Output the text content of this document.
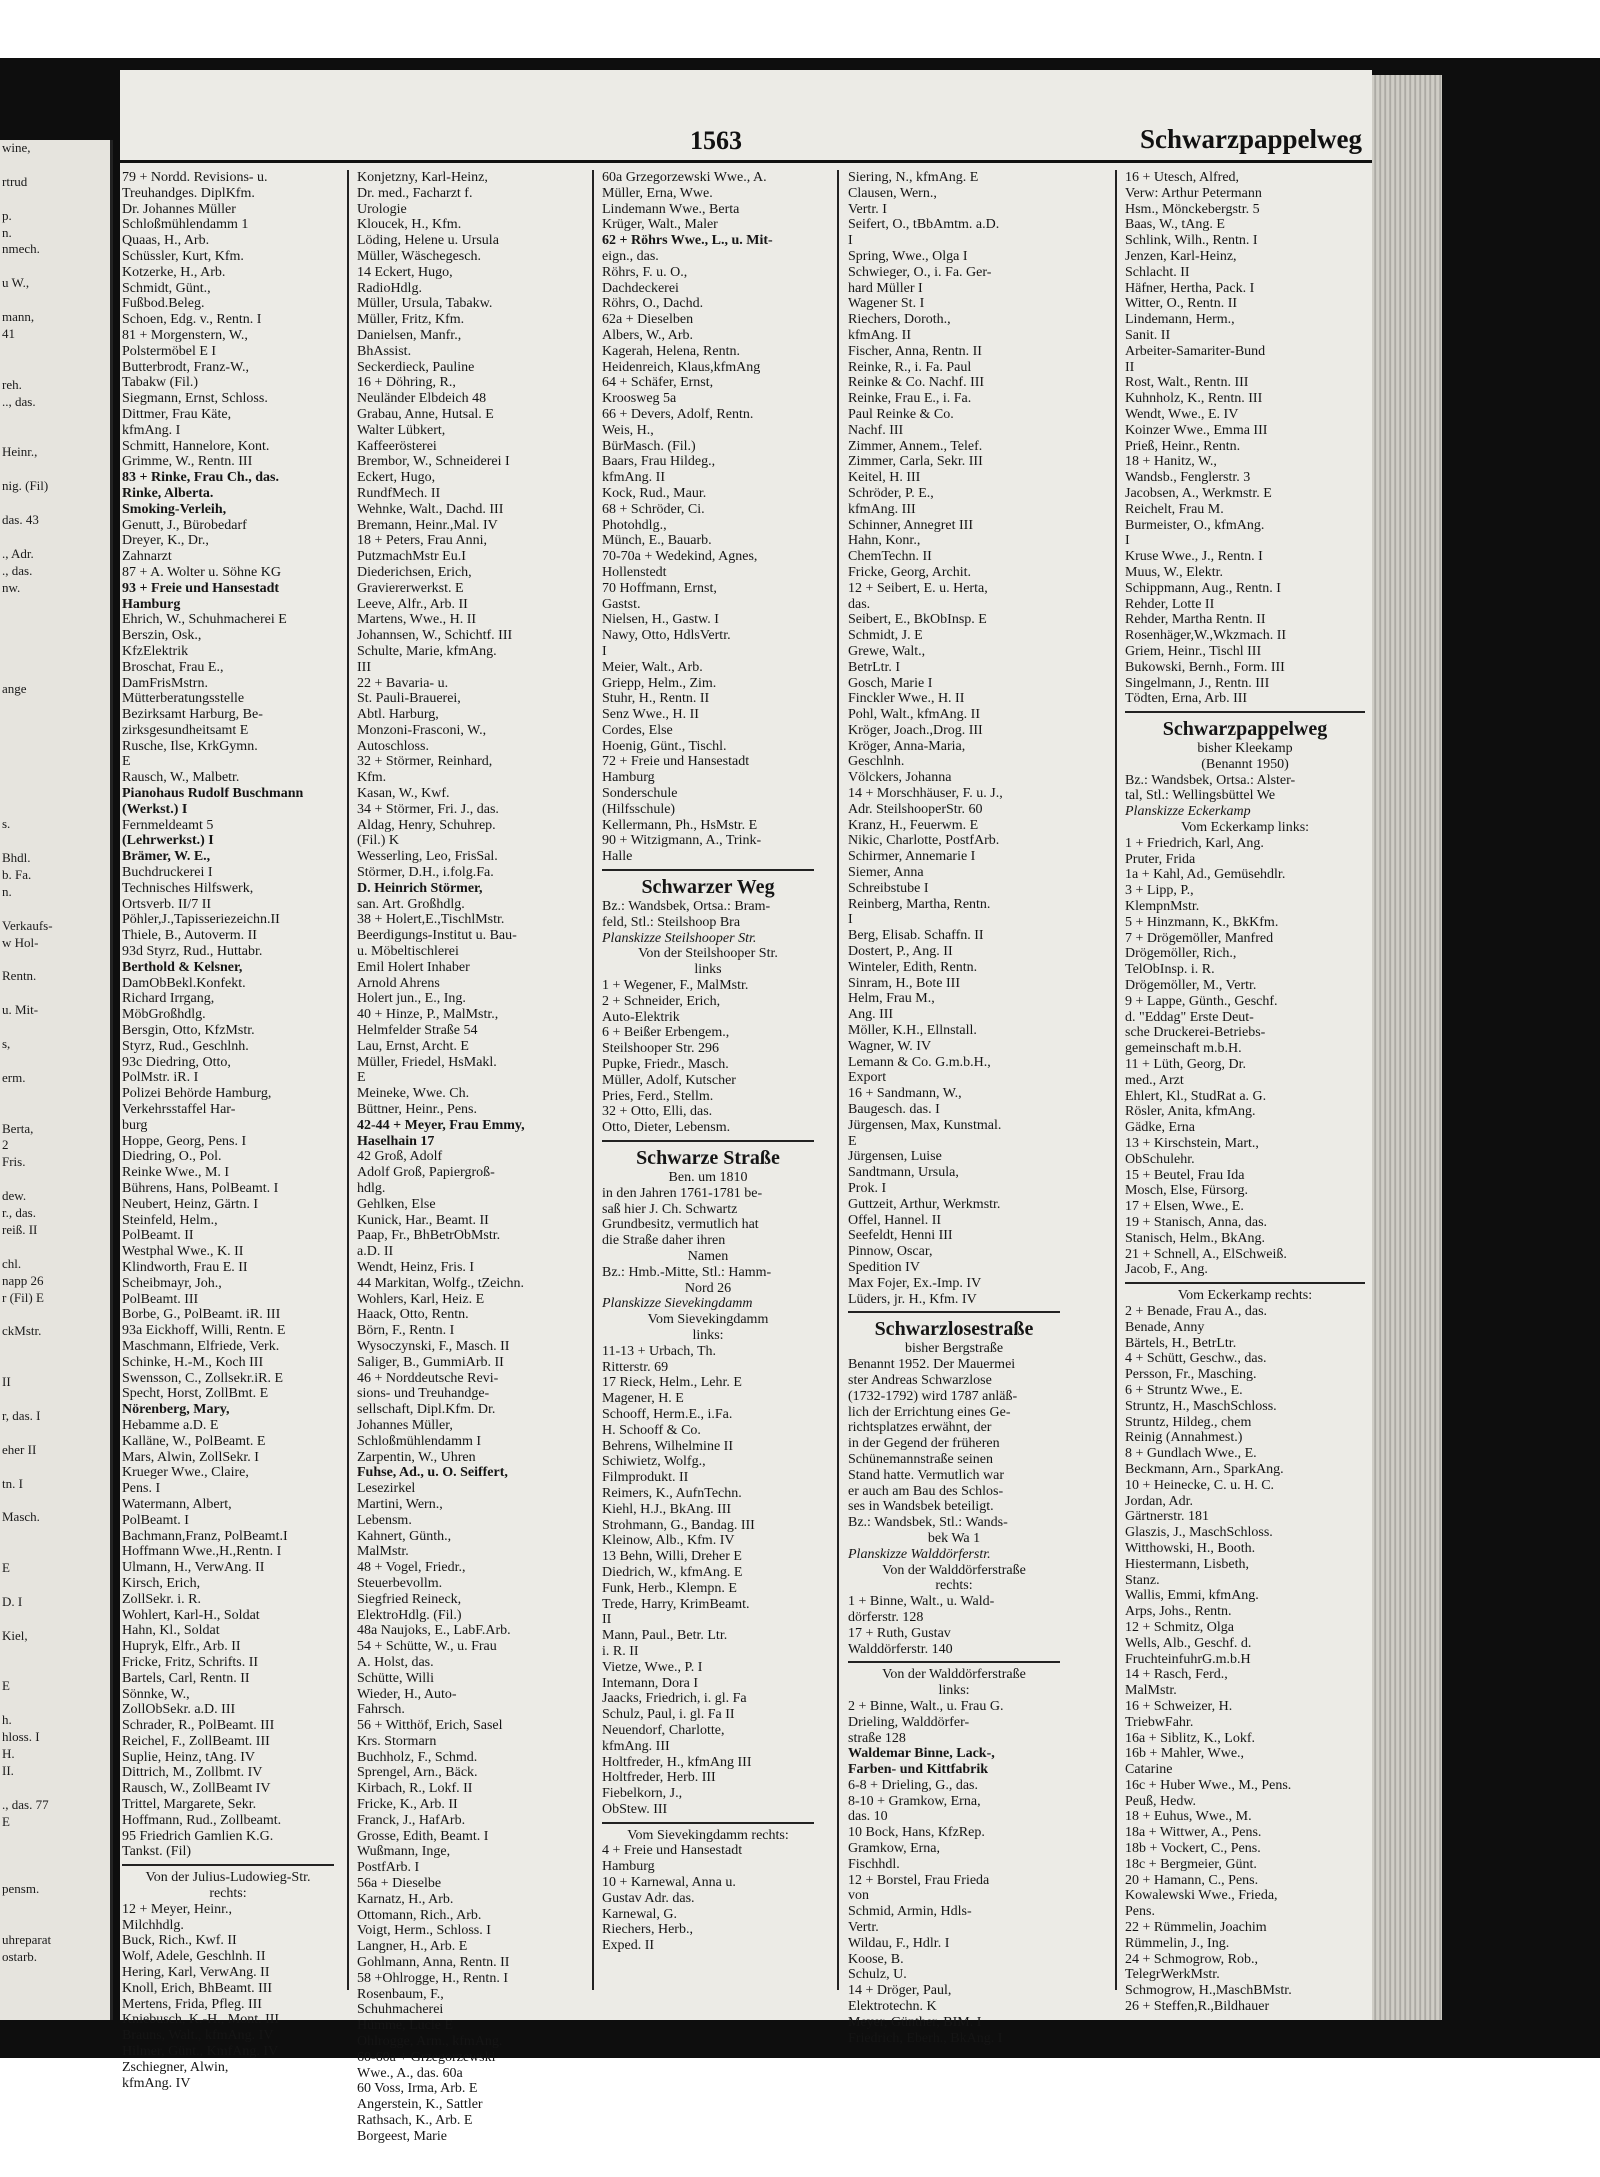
wine,

rtrud

p.
n.
nmech.

u W.,

mann,
41

reh.
.., das.

Heinr.,

nig. (Fil)

das. 43

., Adr.
., das.
nw.

ange

s.

Bhdl.
b. Fa.
n.

Verkaufs-
w Hol-

Rentn.

u. Mit-

s,

erm.

Berta,
2
Fris.

dew.
r., das.
reiß. II

chl.
napp 26
r (Fil) E

ckMstr.

II

r, das. I

eher II

tn. I

Masch.

E

D. I

Kiel,

E

h.
hloss. I
H.
II.

., das. 77
E

pensm.

uhreparat
ostarb.
1563	Schwarzpappelweg
79 + Nordd. Revisions- u.
Treuhandges. DiplKfm.
Dr. Johannes Müller
Schloßmühlendamm 1
Quaas, H., Arb.
Schüssler, Kurt, Kfm.
Kotzerke, H., Arb.
Schmidt, Günt.,
Fußbod.Beleg.
Schoen, Edg. v., Rentn. I
81 + Morgenstern, W.,
Polstermöbel E I
Butterbrodt, Franz-W.,
Tabakw (Fil.)
Siegmann, Ernst, Schloss.
Dittmer, Frau Käte,
kfmAng. I
Schmitt, Hannelore, Kont.
Grimme, W., Rentn. III
83 + Rinke, Frau Ch., das.
Rinke, Alberta.
Smoking-Verleih,
Genutt, J., Bürobedarf
Dreyer, K., Dr.,
Zahnarzt
87 + A. Wolter u. Söhne KG
93 + Freie und Hansestadt
Hamburg
Ehrich, W., Schuhmacherei E
Berszin, Osk.,
KfzElektrik
Broschat, Frau E.,
DamFrisMstrn.
Mütterberatungsstelle
Bezirksamt Harburg, Be-
zirksgesundheitsamt E
Rusche, Ilse, KrkGymn.
E
Rausch, W., Malbetr.
Pianohaus Rudolf Buschmann
(Werkst.) I
Fernmeldeamt 5
(Lehrwerkst.) I
Brämer, W. E.,
Buchdruckerei I
Technisches Hilfswerk,
Ortsverb. II/7 II
Pöhler,J.,Tapisseriezeichn.II
Thiele, B., Autoverm. II
93d Styrz, Rud., Huttabr.
Berthold & Kelsner,
DamObBekl.Konfekt.
Richard Irrgang,
MöbGroßhdlg.
Bersgin, Otto, KfzMstr.
Styrz, Rud., Geschlnh.
93c Diedring, Otto,
PolMstr. iR. I
Polizei Behörde Hamburg,
Verkehrsstaffel Har-
burg
Hoppe, Georg, Pens. I
Diedring, O., Pol.
Reinke Wwe., M. I
Bührens, Hans, PolBeamt. I
Neubert, Heinz, Gärtn. I
Steinfeld, Helm.,
PolBeamt. II
Westphal Wwe., K. II
Klindworth, Frau E. II
Scheibmayr, Joh.,
PolBeamt. III
Borbe, G., PolBeamt. iR. III
93a Eickhoff, Willi, Rentn. E
Maschmann, Elfriede, Verk.
Schinke, H.-M., Koch III
Swensson, C., Zollsekr.iR. E
Specht, Horst, ZollBmt. E
Nörenberg, Mary,
Hebamme a.D. E
Kalläne, W., PolBeamt. E
Mars, Alwin, ZollSekr. I
Krueger Wwe., Claire,
Pens. I
Watermann, Albert,
PolBeamt. I
Bachmann,Franz, PolBeamt.I
Hoffmann Wwe.,H.,Rentn. I
Ulmann, H., VerwAng. II
Kirsch, Erich,
ZollSekr. i. R.
Wohlert, Karl-H., Soldat
Hahn, Kl., Soldat
Hupryk, Elfr., Arb. II
Fricke, Fritz, Schrifts. II
Bartels, Carl, Rentn. II
Sönnke, W.,
ZollObSekr. a.D. III
Schrader, R., PolBeamt. III
Reichel, F., ZollBeamt. III
Suplie, Heinz, tAng. IV
Dittrich, M., Zollbmt. IV
Rausch, W., ZollBeamt IV
Trittel, Margarete, Sekr.
Hoffmann, Rud., Zollbeamt.
95 Friedrich Gamlien K.G.
Tankst. (Fil)
Von der Julius-Ludowieg-Str.
rechts:
12 + Meyer, Heinr.,
Milchhdlg.
Buck, Rich., Kwf. II
Wolf, Adele, Geschlnh. II
Hering, Karl, VerwAng. II
Knoll, Erich, BhBeamt. III
Mertens, Frida, Pfleg. III
Kniebusch, K.-H., Mont. III
Brauns, Walt., kfmAng. IV
Hilmer, Günt., KmfAng. IV
Zschiegner, Alwin,
kfmAng. IV
Konjetzny, Karl-Heinz,
Dr. med., Facharzt f.
Urologie
Kloucek, H., Kfm.
Löding, Helene u. Ursula
Müller, Wäschegesch.
14 Eckert, Hugo,
RadioHdlg.
Müller, Ursula, Tabakw.
Müller, Fritz, Kfm.
Danielsen, Manfr.,
BhAssist.
Seckerdieck, Pauline
16 + Döhring, R.,
Neuländer Elbdeich 48
Grabau, Anne, Hutsal. E
Walter Lübkert,
Kaffeerösterei
Brembor, W., Schneiderei I
Eckert, Hugo,
RundfMech. II
Wehnke, Walt., Dachd. III
Bremann, Heinr.,Mal. IV
18 + Peters, Frau Anni,
PutzmachMstr Eu.I
Diederichsen, Erich,
Graviererwerkst. E
Leeve, Alfr., Arb. II
Martens, Wwe., H. II
Johannsen, W., Schichtf. III
Schulte, Marie, kfmAng.
III
22 + Bavaria- u.
St. Pauli-Brauerei,
Abtl. Harburg,
Monzoni-Frasconi, W.,
Autoschloss.
32 + Störmer, Reinhard,
Kfm.
Kasan, W., Kwf.
34 + Störmer, Fri. J., das.
Aldag, Henry, Schuhrep.
(Fil.) K
Wesserling, Leo, FrisSal.
Störmer, D.H., i.folg.Fa.
D. Heinrich Störmer,
san. Art. Großhdlg.
38 + Holert,E.,TischlMstr.
Beerdigungs-Institut u. Bau-
u. Möbeltischlerei
Emil Holert Inhaber
Arnold Ahrens
Holert jun., E., Ing.
40 + Hinze, P., MalMstr.,
Helmfelder Straße 54
Lau, Ernst, Archt. E
Müller, Friedel, HsMakl.
E
Meineke, Wwe. Ch.
Büttner, Heinr., Pens.
42-44 + Meyer, Frau Emmy,
Haselhain 17
42 Groß, Adolf
Adolf Groß, Papiergroß-
hdlg.
Gehlken, Else
Kunick, Har., Beamt. II
Paap, Fr., BhBetrObMstr.
a.D. II
Wendt, Heinz, Fris. I
44 Markitan, Wolfg., tZeichn.
Wohlers, Karl, Heiz. E
Haack, Otto, Rentn.
Börn, F., Rentn. I
Wysoczynski, F., Masch. II
Saliger, B., GummiArb. II
46 + Norddeutsche Revi-
sions- und Treuhandge-
sellschaft, Dipl.Kfm. Dr.
Johannes Müller,
Schloßmühlendamm I
Zarpentin, W., Uhren
Fuhse, Ad., u. O. Seiffert,
Lesezirkel
Martini, Wern.,
Lebensm.
Kahnert, Günth.,
MalMstr.
48 + Vogel, Friedr.,
Steuerbevollm.
Siegfried Reineck,
ElektroHdlg. (Fil.)
48a Naujoks, E., LabF.Arb.
54 + Schütte, W., u. Frau
A. Holst, das.
Schütte, Willi
Wieder, H., Auto-
Fahrsch.
56 + Witthöf, Erich, Sasel
Krs. Stormarn
Buchholz, F., Schmd.
Sprengel, Arn., Bäck.
Kirbach, R., Lokf. II
Fricke, K., Arb. II
Franck, J., HafArb.
Grosse, Edith, Beamt. I
Wußmann, Inge,
PostfArb. I
56a + Dieselbe
Karnatz, H., Arb.
Ottomann, Rich., Arb.
Voigt, Herm., Schloss. I
Langner, H., Arb. E
Gohlmann, Anna, Rentn. II
58 +Ohlrogge, H., Rentn. I
Rosenbaum, F.,
Schuhmacherei
Hümme, Lucie E
Ohlrogge, Arm., kfmAng.
60-60a + Grzegorzewski
Wwe., A., das. 60a
60 Voss, Irma, Arb. E
Angerstein, K., Sattler
Rathsach, K., Arb. E
Borgeest, Marie
60a Grzegorzewski Wwe., A.
Müller, Erna, Wwe.
Lindemann Wwe., Berta
Krüger, Walt., Maler
62 + Röhrs Wwe., L., u. Mit-
eign., das.
Röhrs, F. u. O.,
Dachdeckerei
Röhrs, O., Dachd.
62a + Dieselben
Albers, W., Arb.
Kagerah, Helena, Rentn.
Heidenreich, Klaus,kfmAng
64 + Schäfer, Ernst,
Kroosweg 5a
66 + Devers, Adolf, Rentn.
Weis, H.,
BürMasch. (Fil.)
Baars, Frau Hildeg.,
kfmAng. II
Kock, Rud., Maur.
68 + Schröder, Ci.
Photohdlg.,
Münch, E., Bauarb.
70-70a + Wedekind, Agnes,
Hollenstedt
70 Hoffmann, Ernst,
Gastst.
Nielsen, H., Gastw. I
Nawy, Otto, HdlsVertr.
I
Meier, Walt., Arb.
Griepp, Helm., Zim.
Stuhr, H., Rentn. II
Senz Wwe., H. II
Cordes, Else
Hoenig, Günt., Tischl.
72 + Freie und Hansestadt
Hamburg
Sonderschule
(Hilfsschule)
Kellermann, Ph., HsMstr. E
90 + Witzigmann, A., Trink-
Halle
Schwarzer Weg
Bz.: Wandsbek, Ortsa.: Bram-
feld, Stl.: Steilshoop Bra
Planskizze Steilshooper Str.
Von der Steilshooper Str.
links
1 + Wegener, F., MalMstr.
2 + Schneider, Erich,
Auto-Elektrik
6 + Beißer Erbengem.,
Steilshooper Str. 296
Pupke, Friedr., Masch.
Müller, Adolf, Kutscher
Pries, Ferd., Stellm.
32 + Otto, Elli, das.
Otto, Dieter, Lebensm.
Schwarze Straße
Ben. um 1810
in den Jahren 1761-1781 be-
saß hier J. Ch. Schwartz
Grundbesitz, vermutlich hat
die Straße daher ihren
Namen
Bz.: Hmb.-Mitte, Stl.: Hamm-
Nord 26
Planskizze Sievekingdamm
Vom Sievekingdamm
links:
11-13 + Urbach, Th.
Ritterstr. 69
17 Rieck, Helm., Lehr. E
Magener, H. E
Schooff, Herm.E., i.Fa.
H. Schooff & Co.
Behrens, Wilhelmine II
Schiwietz, Wolfg.,
Filmprodukt. II
Reimers, K., AufnTechn.
Kiehl, H.J., BkAng. III
Strohmann, G., Bandag. III
Kleinow, Alb., Kfm. IV
13 Behn, Willi, Dreher E
Diedrich, W., kfmAng. E
Funk, Herb., Klempn. E
Trede, Harry, KrimBeamt.
II
Mann, Paul., Betr. Ltr.
i. R. II
Vietze, Wwe., P. I
Intemann, Dora I
Jaacks, Friedrich, i. gl. Fa
Schulz, Paul, i. gl. Fa II
Neuendorf, Charlotte,
kfmAng. III
Holtfreder, H., kfmAng III
Holtfreder, Herb. III
Fiebelkorn, J.,
ObStew. III
Vom Sievekingdamm rechts:
4 + Freie und Hansestadt
Hamburg
10 + Karnewal, Anna u.
Gustav Adr. das.
Karnewal, G.
Riechers, Herb.,
Exped. II
Siering, N., kfmAng. E
Clausen, Wern.,
Vertr. I
Seifert, O., tBbAmtm. a.D.
I
Spring, Wwe., Olga I
Schwieger, O., i. Fa. Ger-
hard Müller I
Wagener St. I
Riechers, Doroth.,
kfmAng. II
Fischer, Anna, Rentn. II
Reinke, R., i. Fa. Paul
Reinke & Co. Nachf. III
Reinke, Frau E., i. Fa.
Paul Reinke & Co.
Nachf. III
Zimmer, Annem., Telef.
Zimmer, Carla, Sekr. III
Keitel, H. III
Schröder, P. E.,
kfmAng. III
Schinner, Annegret III
Hahn, Konr.,
ChemTechn. II
Fricke, Georg, Archit.
12 + Seibert, E. u. Herta,
das.
Seibert, E., BkObInsp. E
Schmidt, J. E
Grewe, Walt.,
BetrLtr. I
Gosch, Marie I
Finckler Wwe., H. II
Pohl, Walt., kfmAng. II
Kröger, Joach.,Drog. III
Kröger, Anna-Maria,
Geschlnh.
Völckers, Johanna
14 + Morschhäuser, F. u. J.,
Adr. SteilshooperStr. 60
Kranz, H., Feuerwm. E
Nikic, Charlotte, PostfArb.
Schirmer, Annemarie I
Siemer, Anna
Schreibstube I
Reinberg, Martha, Rentn.
I
Berg, Elisab. Schaffn. II
Dostert, P., Ang. II
Winteler, Edith, Rentn.
Sinram, H., Bote III
Helm, Frau M.,
Ang. III
Möller, K.H., Ellnstall.
Wagner, W. IV
Lemann & Co. G.m.b.H.,
Export
16 + Sandmann, W.,
Baugesch. das. I
Jürgensen, Max, Kunstmal.
E
Jürgensen, Luise
Sandtmann, Ursula,
Prok. I
Guttzeit, Arthur, Werkmstr.
Offel, Hannel. II
Seefeldt, Henni III
Pinnow, Oscar,
Spedition IV
Max Fojer, Ex.-Imp. IV
Lüders, jr. H., Kfm. IV
Schwarzlosestraße
bisher Bergstraße
Benannt 1952. Der Mauermei
ster Andreas Schwarzlose
(1732-1792) wird 1787 anläß-
lich der Errichtung eines Ge-
richtsplatzes erwähnt, der
in der Gegend der früheren
Schünemannstraße seinen
Stand hatte. Vermutlich war
er auch am Bau des Schlos-
ses in Wandsbek beteiligt.
Bz.: Wandsbek, Stl.: Wands-
bek Wa 1
Planskizze Walddörferstr.
Von der Walddörferstraße
rechts:
1 + Binne, Walt., u. Wald-
dörferstr. 128
17 + Ruth, Gustav
Walddörferstr. 140
Von der Walddörferstraße
links:
2 + Binne, Walt., u. Frau G.
Drieling, Walddörfer-
straße 128
Waldemar Binne, Lack-,
Farben- und Kittfabrik
6-8 + Drieling, G., das.
8-10 + Gramkow, Erna,
das. 10
10 Bock, Hans, KfzRep.
Gramkow, Erna,
Fischhdl.
12 + Borstel, Frau Frieda
von
Schmid, Armin, Hdls-
Vertr.
Wildau, F., Hdlr. I
Koose, B.
Schulz, U.
14 + Dröger, Paul,
Elektrotechn. K
Meyer, Günther, BIM. I
Friedrich, Eberh., BkAng. I
16 + Utesch, Alfred,
Verw: Arthur Petermann
Hsm., Mönckebergstr. 5
Baas, W., tAng. E
Schlink, Wilh., Rentn. I
Jenzen, Karl-Heinz,
Schlacht. II
Häfner, Hertha, Pack. I
Witter, O., Rentn. II
Lindemann, Herm.,
Sanit. II
Arbeiter-Samariter-Bund
II
Rost, Walt., Rentn. III
Kuhnholz, K., Rentn. III
Wendt, Wwe., E. IV
Koinzer Wwe., Emma III
Prieß, Heinr., Rentn.
18 + Hanitz, W.,
Wandsb., Fenglerstr. 3
Jacobsen, A., Werkmstr. E
Reichelt, Frau M.
Burmeister, O., kfmAng.
I
Kruse Wwe., J., Rentn. I
Muus, W., Elektr.
Schippmann, Aug., Rentn. I
Rehder, Lotte II
Rehder, Martha Rentn. II
Rosenhäger,W.,Wkzmach. II
Griem, Heinr., Tischl III
Bukowski, Bernh., Form. III
Singelmann, J., Rentn. III
Tödten, Erna, Arb. III
Schwarzpappelweg
bisher Kleekamp
(Benannt 1950)
Bz.: Wandsbek, Ortsa.: Alster-
tal, Stl.: Wellingsbüttel We
Planskizze Eckerkamp
Vom Eckerkamp links:
1 + Friedrich, Karl, Ang.
Pruter, Frida
1a + Kahl, Ad., Gemüsehdlr.
3 + Lipp, P.,
KlempnMstr.
5 + Hinzmann, K., BkKfm.
7 + Drögemöller, Manfred
Drögemöller, Rich.,
TelObInsp. i. R.
Drögemöller, M., Vertr.
9 + Lappe, Günth., Geschf.
d. "Eddag" Erste Deut-
sche Druckerei-Betriebs-
gemeinschaft m.b.H.
11 + Lüth, Georg, Dr.
med., Arzt
Ehlert, Kl., StudRat a. G.
Rösler, Anita, kfmAng.
Gädke, Erna
13 + Kirschstein, Mart.,
ObSchulehr.
15 + Beutel, Frau Ida
Mosch, Else, Fürsorg.
17 + Elsen, Wwe., E.
19 + Stanisch, Anna, das.
Stanisch, Helm., BkAng.
21 + Schnell, A., ElSchweiß.
Jacob, F., Ang.
Vom Eckerkamp rechts:
2 + Benade, Frau A., das.
Benade, Anny
Bärtels, H., BetrLtr.
4 + Schütt, Geschw., das.
Persson, Fr., Masching.
6 + Struntz Wwe., E.
Struntz, H., MaschSchloss.
Struntz, Hildeg., chem
Reinig (Annahmest.)
8 + Gundlach Wwe., E.
Beckmann, Arn., SparkAng.
10 + Heinecke, C. u. H. C.
Jordan, Adr.
Gärtnerstr. 181
Glaszis, J., MaschSchloss.
Witthowski, H., Booth.
Hiestermann, Lisbeth,
Stanz.
Wallis, Emmi, kfmAng.
Arps, Johs., Rentn.
12 + Schmitz, Olga
Wells, Alb., Geschf. d.
FruchteinfuhrG.m.b.H
14 + Rasch, Ferd.,
MalMstr.
16 + Schweizer, H.
TriebwFahr.
16a + Siblitz, K., Lokf.
16b + Mahler, Wwe.,
Catarine
16c + Huber Wwe., M., Pens.
Peuß, Hedw.
18 + Euhus, Wwe., M.
18a + Wittwer, A., Pens.
18b + Vockert, C., Pens.
18c + Bergmeier, Günt.
20 + Hamann, C., Pens.
Kowalewski Wwe., Frieda,
Pens.
22 + Rümmelin, Joachim
Rümmelin, J., Ing.
24 + Schmogrow, Rob.,
TelegrWerkMstr.
Schmogrow, H.,MaschBMstr.
26 + Steffen,R.,Bildhauer
